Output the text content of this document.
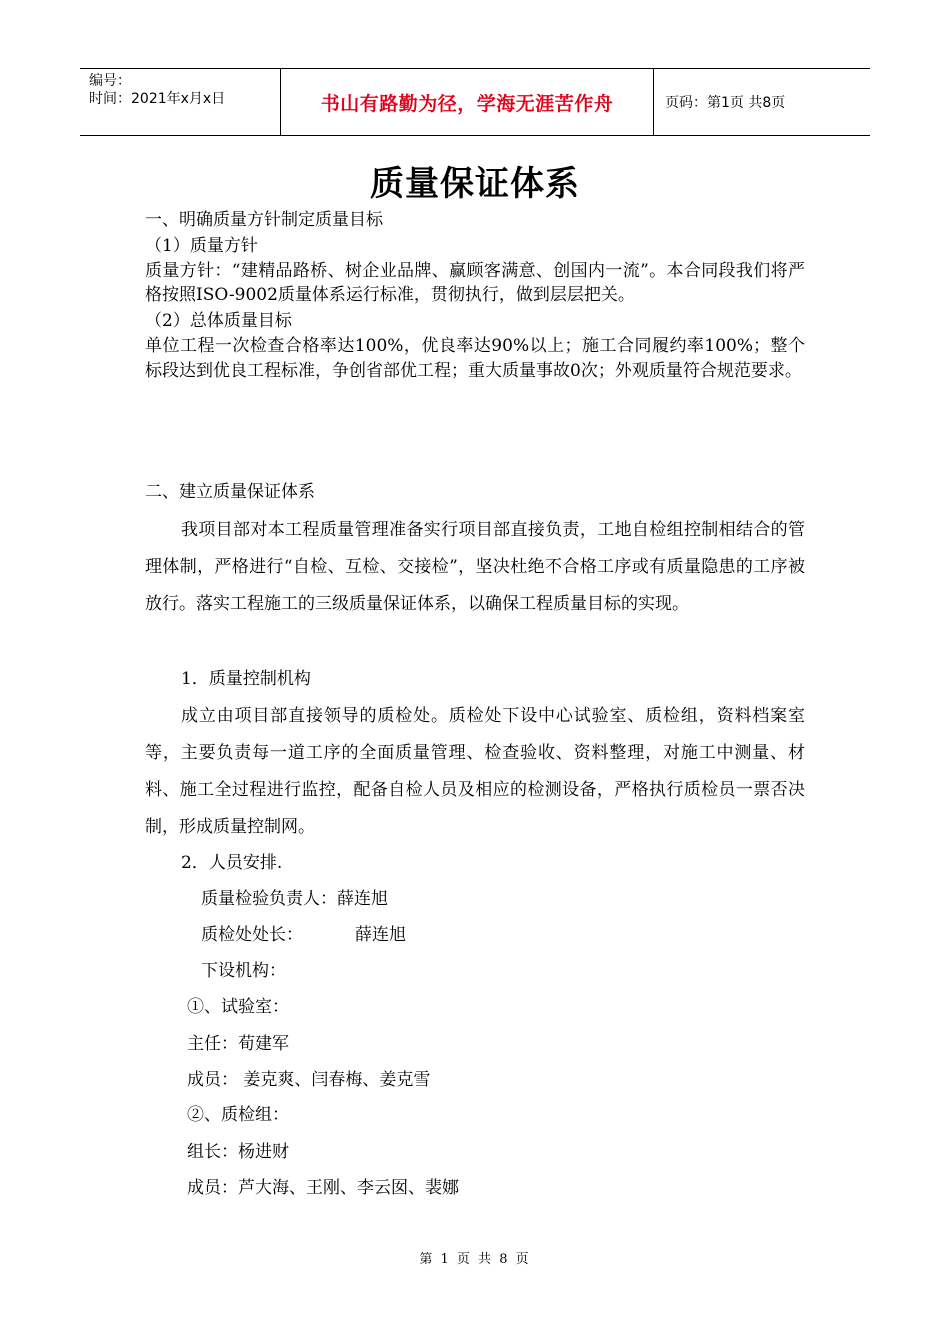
编号：
时间：2021年x月x日	书山有路勤为径，学海无涯苦作舟	页码：第1页 共8页
质量保证体系
一、明确质量方针制定质量目标
（1）质量方针
质量方针：“建精品路桥、树企业品牌、赢顾客满意、创国内一流”。本合同段我们将严格按照ISO-9002质量体系运行标准，贯彻执行，做到层层把关。
（2）总体质量目标
单位工程一次检查合格率达100%，优良率达90%以上；施工合同履约率100%；整个标段达到优良工程标准，争创省部优工程；重大质量事故0次；外观质量符合规范要求。
二、建立质量保证体系
我项目部对本工程质量管理准备实行项目部直接负责，工地自检组控制相结合的管理体制，严格进行“自检、互检、交接检”，坚决杜绝不合格工序或有质量隐患的工序被放行。落实工程施工的三级质量保证体系，以确保工程质量目标的实现。
1．质量控制机构
成立由项目部直接领导的质检处。质检处下设中心试验室、质检组，资料档案室等，主要负责每一道工序的全面质量管理、检查验收、资料整理，对施工中测量、材料、施工全过程进行监控，配备自检人员及相应的检测设备，严格执行质检员一票否决制，形成质量控制网。
2．人员安排.
质量检验负责人：薛连旭
质检处处长：	薛连旭
下设机构：
①、试验室：
主任：荀建军
成员： 姜克爽、闫春梅、姜克雪
②、质检组：
组长：杨进财
成员：芦大海、王刚、李云囡、裴娜
第 1 页 共 8 页
